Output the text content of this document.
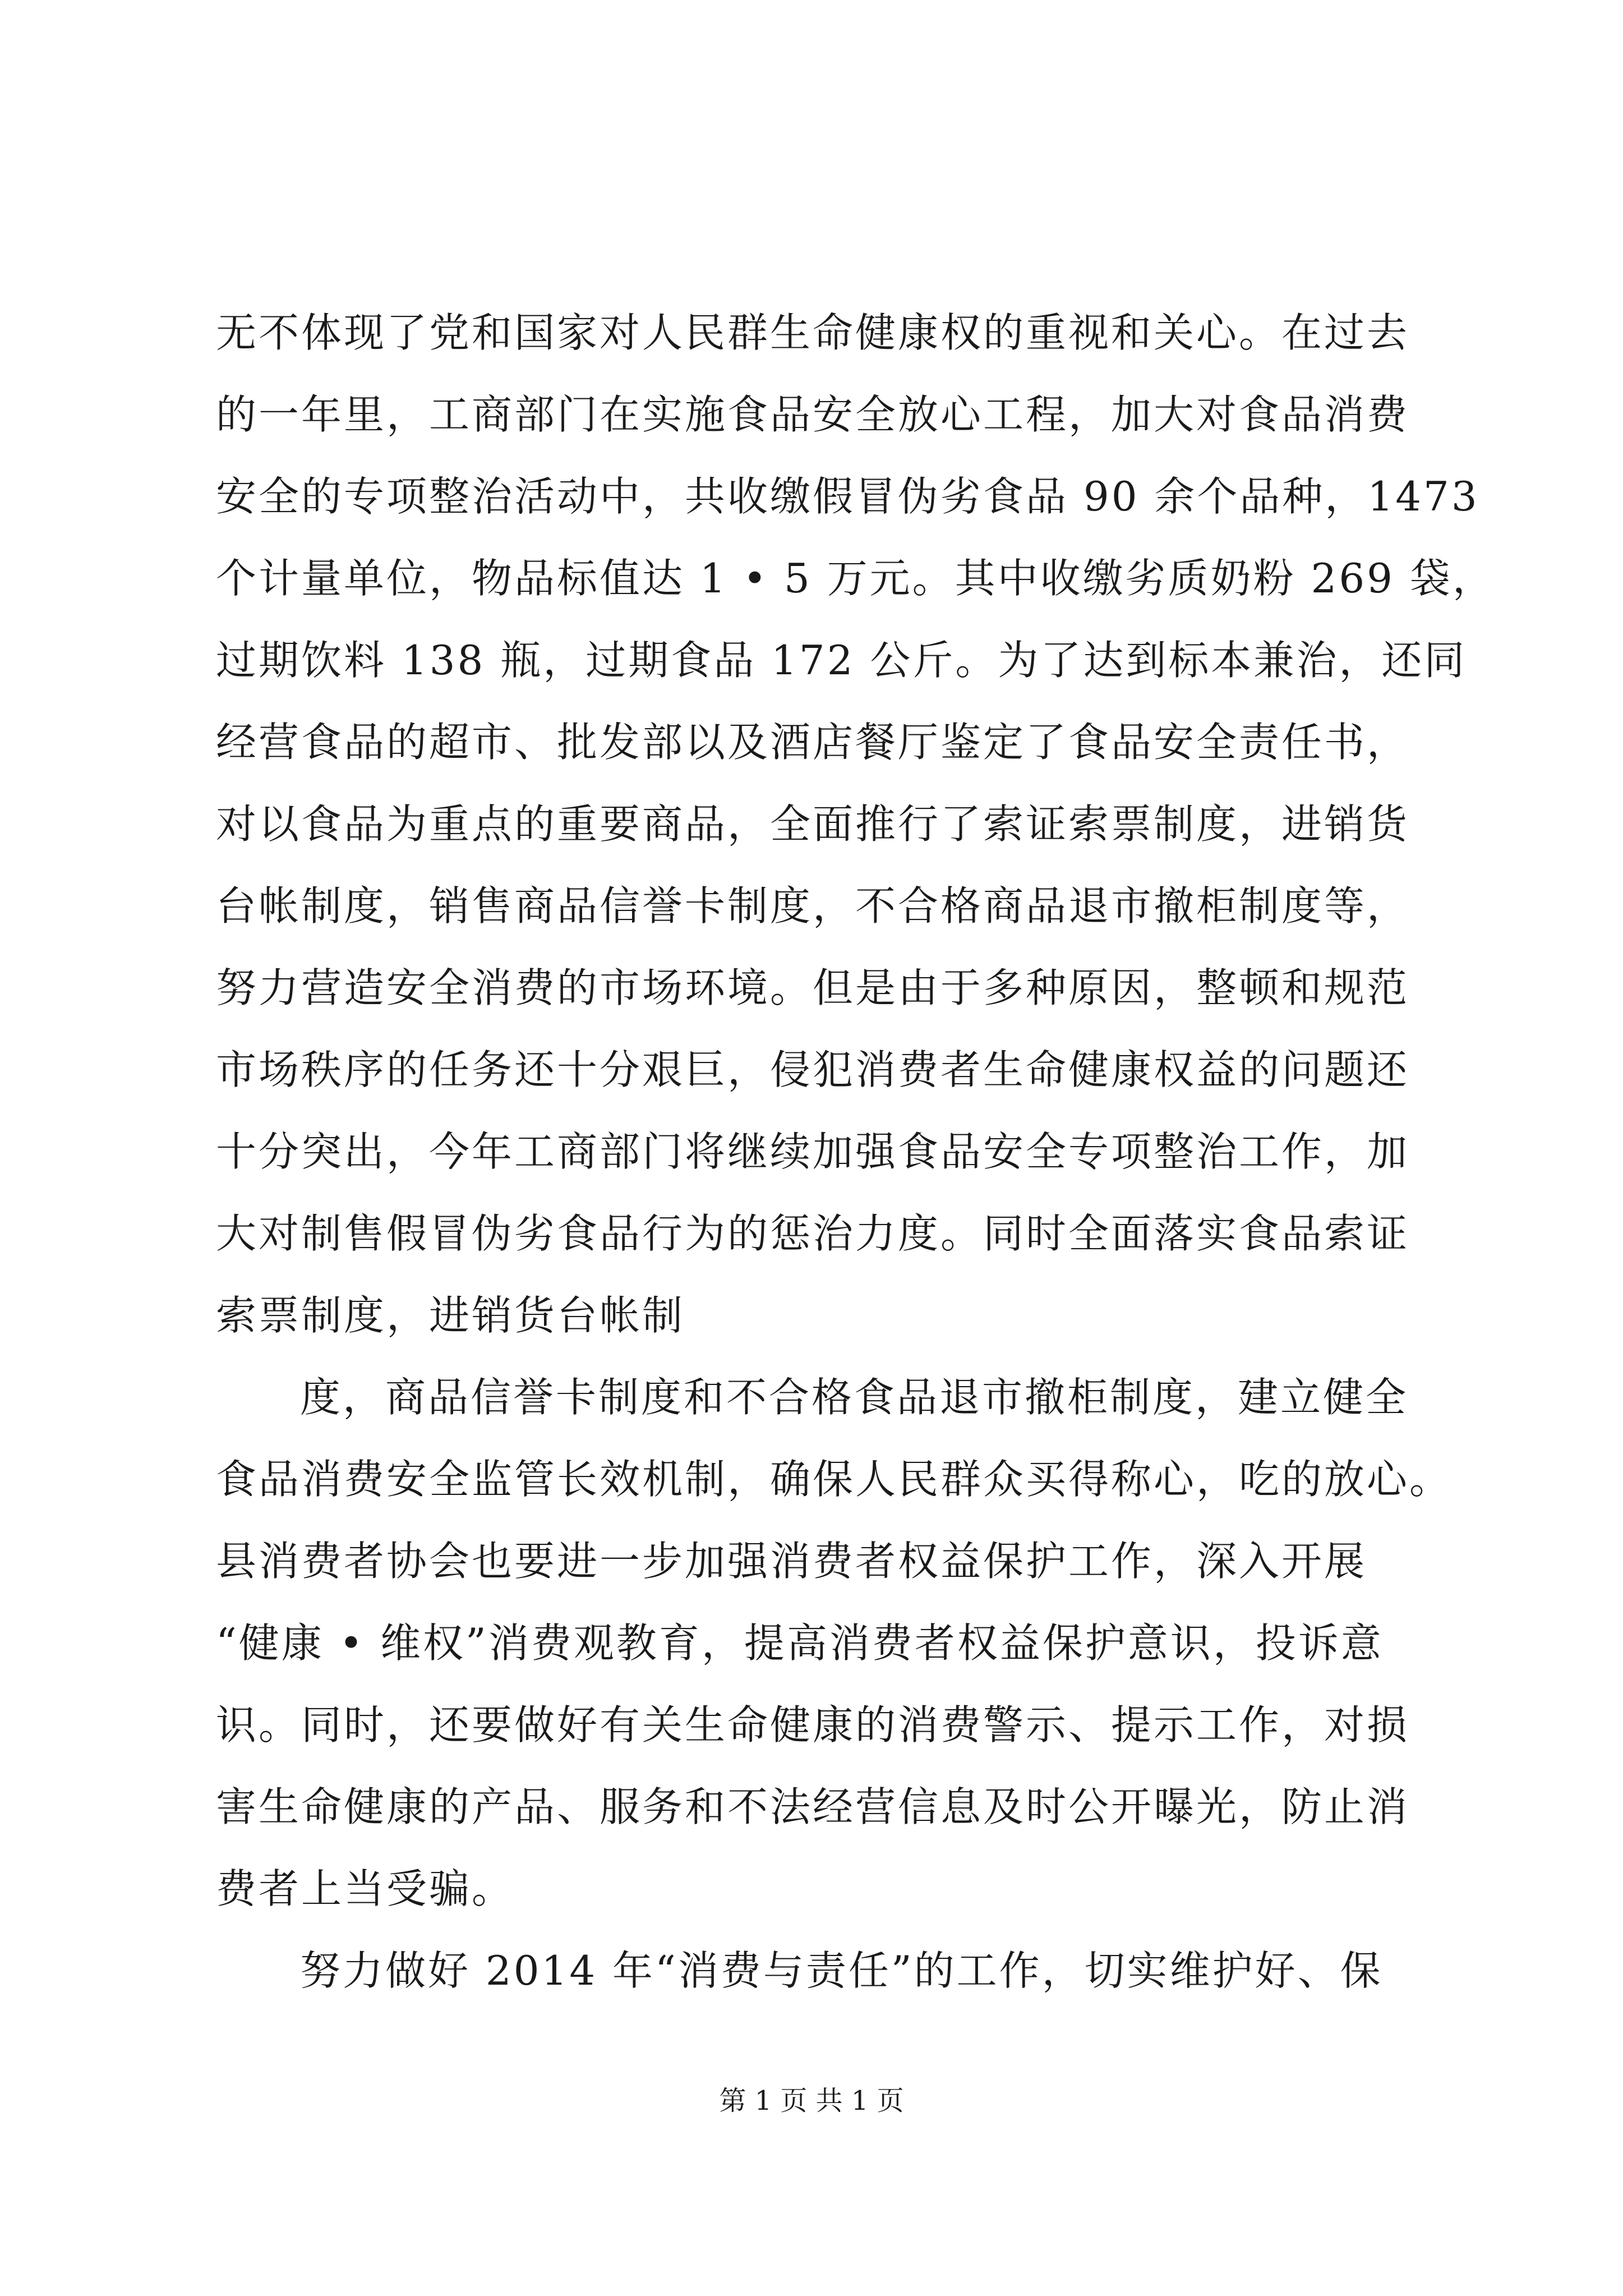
无不体现了党和国家对人民群生命健康权的重视和关心。在过去
的一年里，工商部门在实施食品安全放心工程，加大对食品消费
安全的专项整治活动中，共收缴假冒伪劣食品 90 余个品种，1473
个计量单位，物品标值达 1 • 5 万元。其中收缴劣质奶粉 269 袋，
过期饮料 138 瓶，过期食品 172 公斤。为了达到标本兼治，还同
经营食品的超市、批发部以及酒店餐厅鉴定了食品安全责任书，
对以食品为重点的重要商品，全面推行了索证索票制度，进销货
台帐制度，销售商品信誉卡制度，不合格商品退市撤柜制度等，
努力营造安全消费的市场环境。但是由于多种原因，整顿和规范
市场秩序的任务还十分艰巨，侵犯消费者生命健康权益的问题还
十分突出，今年工商部门将继续加强食品安全专项整治工作，加
大对制售假冒伪劣食品行为的惩治力度。同时全面落实食品索证
索票制度，进销货台帐制
度，商品信誉卡制度和不合格食品退市撤柜制度，建立健全
食品消费安全监管长效机制，确保人民群众买得称心，吃的放心。
县消费者协会也要进一步加强消费者权益保护工作，深入开展
“健康 • 维权”消费观教育，提高消费者权益保护意识，投诉意
识。同时，还要做好有关生命健康的消费警示、提示工作，对损
害生命健康的产品、服务和不法经营信息及时公开曝光，防止消
费者上当受骗。
努力做好 2014 年“消费与责任”的工作，切实维护好、保
第 1 页 共 1 页
